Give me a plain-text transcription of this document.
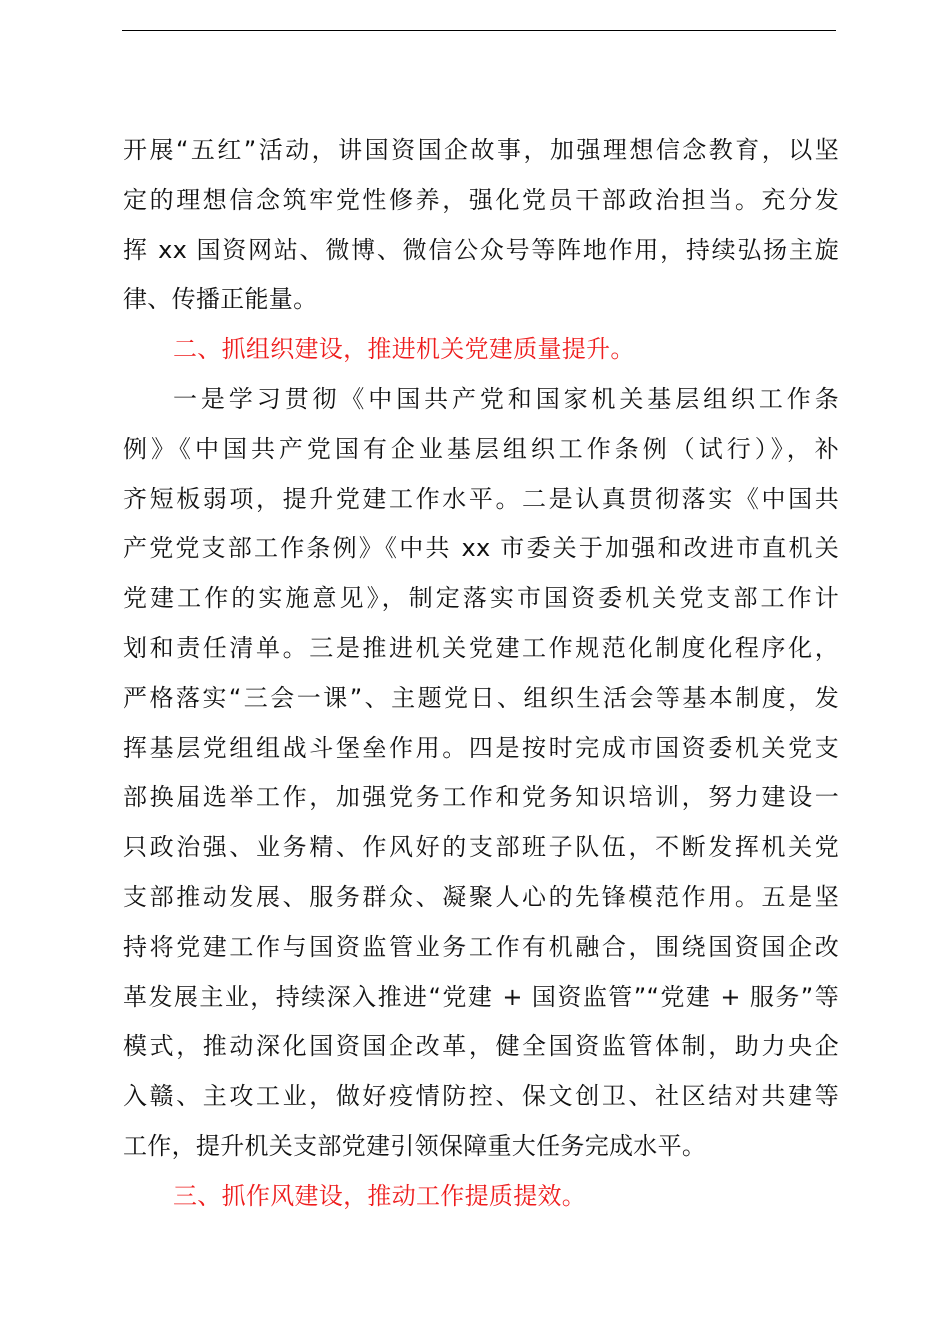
开展“五红”活动，讲国资国企故事，加强理想信念教育，以坚
定的理想信念筑牢党性修养，强化党员干部政治担当。充分发
挥 xx 国资网站、微博、微信公众号等阵地作用，持续弘扬主旋
律、传播正能量。
二、抓组织建设，推进机关党建质量提升。
一是学习贯彻《中国共产党和国家机关基层组织工作条
例》《中国共产党国有企业基层组织工作条例（试行）》，补
齐短板弱项，提升党建工作水平。二是认真贯彻落实《中国共
产党党支部工作条例》《中共 xx 市委关于加强和改进市直机关
党建工作的实施意见》，制定落实市国资委机关党支部工作计
划和责任清单。三是推进机关党建工作规范化制度化程序化，
严格落实“三会一课”、主题党日、组织生活会等基本制度，发
挥基层党组组战斗堡垒作用。四是按时完成市国资委机关党支
部换届选举工作，加强党务工作和党务知识培训，努力建设一
只政治强、业务精、作风好的支部班子队伍，不断发挥机关党
支部推动发展、服务群众、凝聚人心的先锋模范作用。五是坚
持将党建工作与国资监管业务工作有机融合，围绕国资国企改
革发展主业，持续深入推进“党建 + 国资监管”“党建 + 服务”等
模式，推动深化国资国企改革，健全国资监管体制，助力央企
入赣、主攻工业，做好疫情防控、保文创卫、社区结对共建等
工作，提升机关支部党建引领保障重大任务完成水平。
三、抓作风建设，推动工作提质提效。
